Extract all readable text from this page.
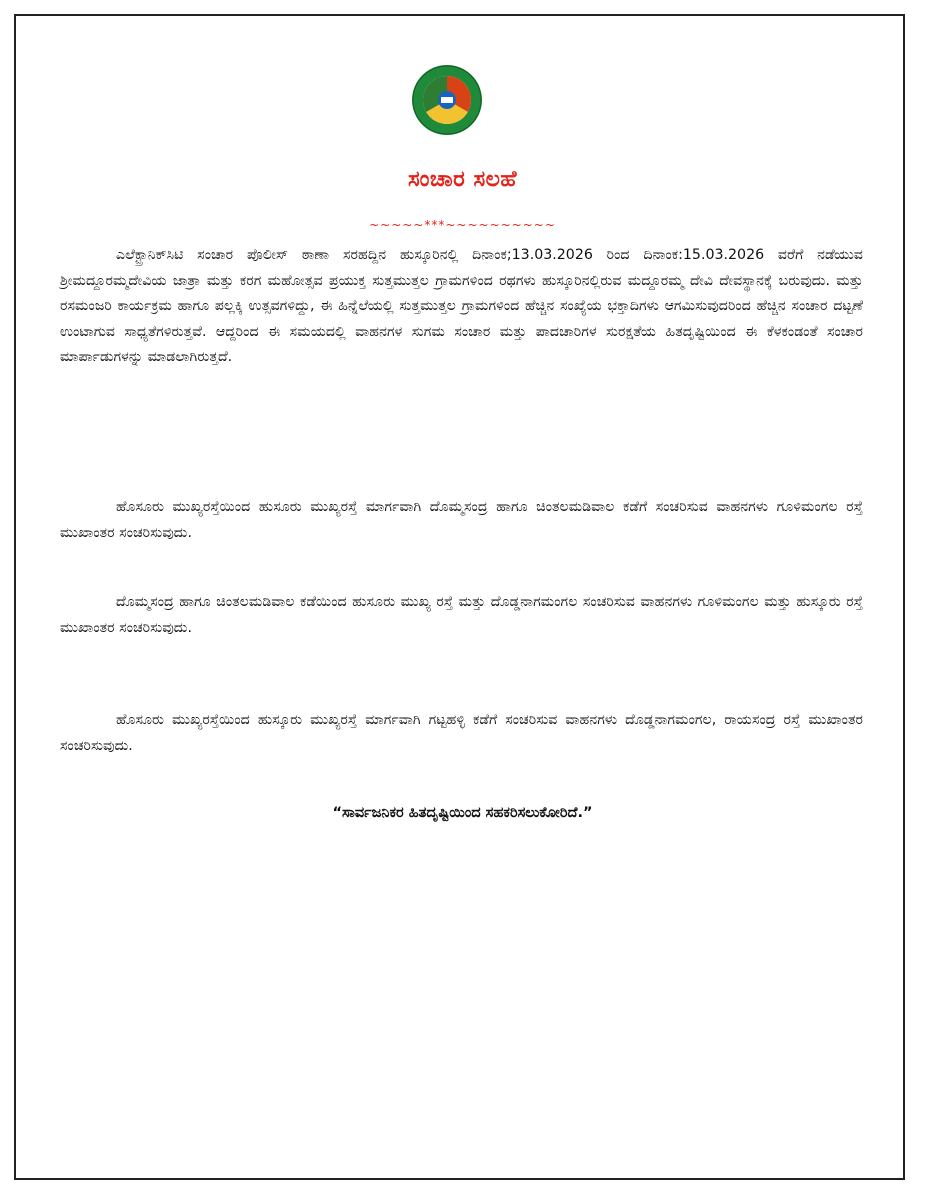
ಸಂಚಾರ ಸಲಹೆ
~~~~~***~~~~~~~~~~

ಎಲೆಕ್ಟ್ರಾನಿಕ್‌ಸಿಟಿ ಸಂಚಾರ ಪೊಲೀಸ್ ಠಾಣಾ ಸರಹದ್ದಿನ ಹುಸ್ಕೂರಿನಲ್ಲಿ ದಿನಾಂಕ;13.03.2026 ರಿಂದ ದಿನಾಂಕ:15.03.2026 ವರೆಗೆ ನಡೆಯುವ ಶ್ರೀಮದ್ದೂರಮ್ಮದೇವಿಯ ಜಾತ್ರಾ ಮತ್ತು ಕರಗ ಮಹೋತ್ಸವ ಪ್ರಯುಕ್ತ ಸುತ್ತಮುತ್ತಲ ಗ್ರಾಮಗಳಿಂದ ರಥಗಳು ಹುಸ್ಕೂರಿನಲ್ಲಿರುವ ಮದ್ದೂರಮ್ಮ ದೇವಿ ದೇವಸ್ಥಾನಕ್ಕೆ ಬರುವುದು. ಮತ್ತು ರಸಮಂಜರಿ ಕಾರ್ಯಕ್ರಮ ಹಾಗೂ ಪಲ್ಲಕ್ಕಿ ಉತ್ಸವಗಳಿದ್ದು, ಈ ಹಿನ್ನೆಲೆಯಲ್ಲಿ ಸುತ್ತಮುತ್ತಲ ಗ್ರಾಮಗಳಿಂದ ಹೆಚ್ಚಿನ ಸಂಖ್ಯೆಯ ಭಕ್ತಾದಿಗಳು ಆಗಮಿಸುವುದರಿಂದ ಹೆಚ್ಚಿನ ಸಂಚಾರ ದಟ್ಟಣೆ ಉಂಟಾಗುವ ಸಾಧ್ಯತೆಗಳಿರುತ್ತವೆ. ಆದ್ದರಿಂದ ಈ ಸಮಯದಲ್ಲಿ ವಾಹನಗಳ ಸುಗಮ ಸಂಚಾರ ಮತ್ತು ಪಾದಚಾರಿಗಳ ಸುರಕ್ಷತೆಯ ಹಿತದೃಷ್ಟಿಯಿಂದ ಈ ಕೆಳಕಂಡಂತೆ ಸಂಚಾರ ಮಾರ್ಪಾಡುಗಳನ್ನು ಮಾಡಲಾಗಿರುತ್ತದೆ.

ಹೊಸೂರು ಮುಖ್ಯರಸ್ತೆಯಿಂದ ಹುಸೂರು ಮುಖ್ಯರಸ್ತೆ ಮಾರ್ಗವಾಗಿ ದೊಮ್ಮಸಂದ್ರ ಹಾಗೂ ಚಿಂತಲಮಡಿವಾಲ ಕಡೆಗೆ ಸಂಚರಿಸುವ ವಾಹನಗಳು ಗೂಳಿಮಂಗಲ ರಸ್ತೆ ಮುಖಾಂತರ ಸಂಚರಿಸುವುದು.

ದೊಮ್ಮಸಂದ್ರ ಹಾಗೂ ಚಿಂತಲಮಡಿವಾಲ ಕಡೆಯಿಂದ ಹುಸೂರು ಮುಖ್ಯ ರಸ್ತೆ ಮತ್ತು ದೊಡ್ಡನಾಗಮಂಗಲ ಸಂಚರಿಸುವ ವಾಹನಗಳು ಗೂಳಿಮಂಗಲ ಮತ್ತು ಹುಸ್ಕೂರು ರಸ್ತೆ ಮುಖಾಂತರ ಸಂಚರಿಸುವುದು.

ಹೊಸೂರು ಮುಖ್ಯರಸ್ತೆಯಿಂದ ಹುಸ್ಕೂರು ಮುಖ್ಯರಸ್ತೆ ಮಾರ್ಗವಾಗಿ ಗಟ್ಟಹಳ್ಳಿ ಕಡೆಗೆ ಸಂಚರಿಸುವ ವಾಹನಗಳು ದೊಡ್ಡನಾಗಮಂಗಲ, ರಾಯಸಂದ್ರ ರಸ್ತೆ ಮುಖಾಂತರ ಸಂಚರಿಸುವುದು.

“ಸಾರ್ವಜನಿಕರ ಹಿತದೃಷ್ಟಿಯಿಂದ ಸಹಕರಿಸಲುಕೋರಿದೆ.”
